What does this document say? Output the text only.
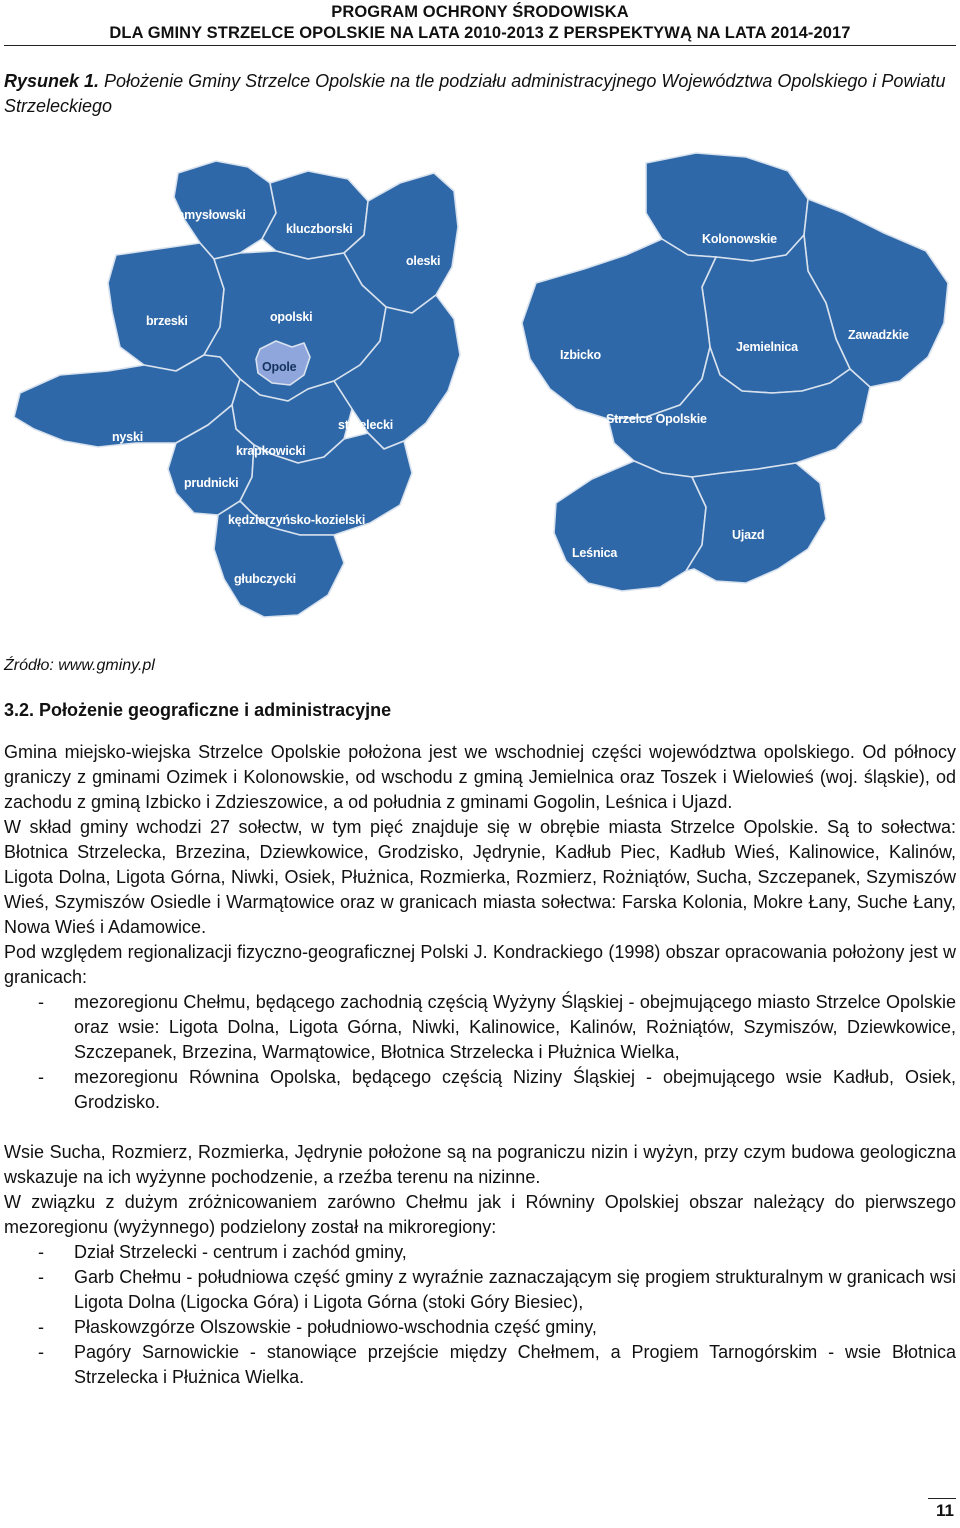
PROGRAM OCHRONY ŚRODOWISKA

DLA GMINY STRZELCE OPOLSKIE NA LATA 2010-2013 Z PERSPEKTYWĄ NA LATA 2014-2017
Rysunek 1. Położenie Gminy Strzelce Opolskie na tle podziału administracyjnego Województwa Opolskiego i Powiatu Strzeleckiego
namysłowski
kluczborski
oleski
brzeski	opolski
Opole
nyski
strzelecki
krapkowicki
prudnicki
kędzierzyńsko-kozielski
głubczycki
Kolonowskie
Zawadzkie
Izbicko
Jemielnica
Strzelce Opolskie
Leśnica
Ujazd
Źródło: www.gminy.pl
3.2. Położenie geograficzne i administracyjne

Gmina miejsko-wiejska Strzelce Opolskie położona jest we wschodniej części województwa opolskiego. Od północy graniczy z gminami Ozimek i Kolonowskie, od wschodu z gminą Jemielnica oraz Toszek i Wielowieś (woj. śląskie), od zachodu z gminą Izbicko i Zdzieszowice, a od południa z gminami Gogolin, Leśnica i Ujazd.

W skład gminy wchodzi 27 sołectw, w tym pięć znajduje się w obrębie miasta Strzelce Opolskie. Są to sołectwa: Błotnica Strzelecka, Brzezina, Dziewkowice, Grodzisko, Jędrynie, Kadłub Piec, Kadłub Wieś, Kalinowice, Kalinów, Ligota Dolna, Ligota Górna, Niwki, Osiek, Płużnica, Rozmierka, Rozmierz, Rożniątów, Sucha, Szczepanek, Szymiszów Wieś, Szymiszów Osiedle i Warmątowice oraz w granicach miasta sołectwa: Farska Kolonia, Mokre Łany, Suche Łany, Nowa Wieś i Adamowice.

Pod względem regionalizacji fizyczno-geograficznej Polski J. Kondrackiego (1998) obszar opracowania położony jest w granicach:

-	mezoregionu Chełmu, będącego zachodnią częścią Wyżyny Śląskiej - obejmującego miasto Strzelce Opolskie oraz wsie: Ligota Dolna, Ligota Górna, Niwki, Kalinowice, Kalinów, Rożniątów, Szymiszów, Dziewkowice, Szczepanek, Brzezina, Warmątowice, Błotnica Strzelecka i Płużnica Wielka,
-	mezoregionu Równina Opolska, będącego częścią Niziny Śląskiej - obejmującego wsie Kadłub, Osiek, Grodzisko.

Wsie Sucha, Rozmierz, Rozmierka, Jędrynie położone są na pograniczu nizin i wyżyn, przy czym budowa geologiczna wskazuje na ich wyżynne pochodzenie, a rzeźba terenu na nizinne.

W związku z dużym zróżnicowaniem zarówno Chełmu jak i Równiny Opolskiej obszar należący do pierwszego mezoregionu (wyżynnego) podzielony został na mikroregiony:

-	Dział Strzelecki - centrum i zachód gminy,
-	Garb Chełmu - południowa część gminy z wyraźnie zaznaczającym się progiem strukturalnym w granicach wsi Ligota Dolna (Ligocka Góra) i Ligota Górna (stoki Góry Biesiec),
-	Płaskowzgórze Olszowskie - południowo-wschodnia część gminy,
-	Pagóry Sarnowickie - stanowiące przejście między Chełmem, a Progiem Tarnogórskim - wsie Błotnica Strzelecka i Płużnica Wielka.
11
